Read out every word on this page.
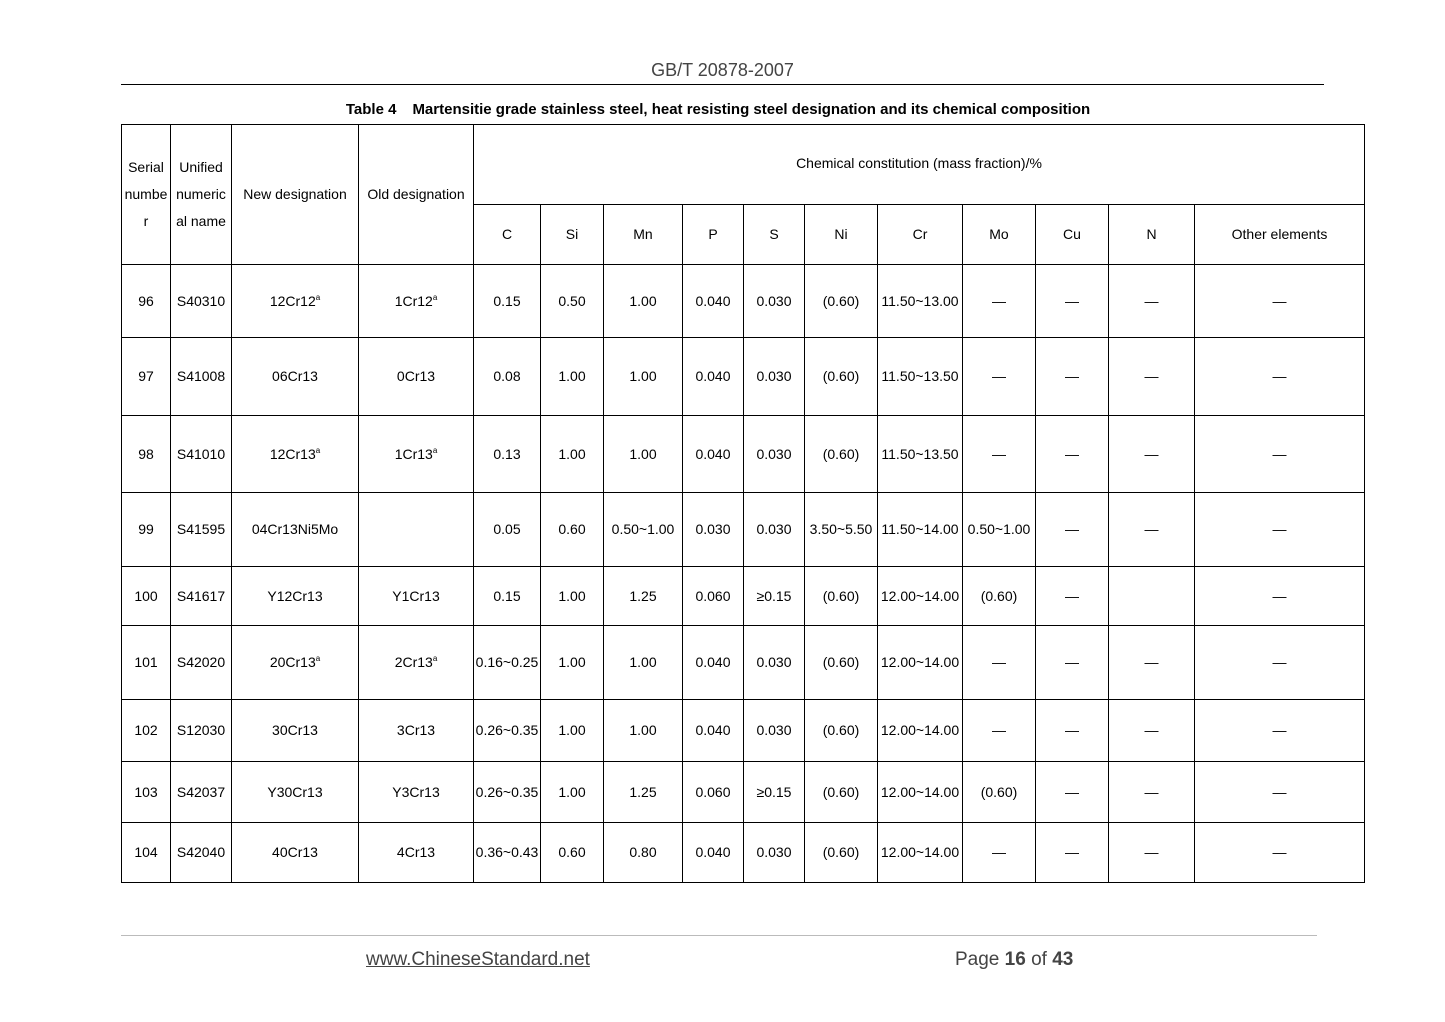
GB/T 20878-2007
Table 4 Martensitie grade stainless steel, heat resisting steel designation and its chemical composition
Serial numbe r	Unified numeric al name	New designation	Old designation	Chemical constitution (mass fraction)/%										
				C	Si	Mn	P	S	Ni	Cr	Mo	Cu	N	Other elements
96	S40310	12Cr12$^a$	1Cr12$^a$	0.15	0.50	1.00	0.040	0.030	(0.60)	11.50~13.00	—	—	—	—
97	S41008	06Cr13	0Cr13	0.08	1.00	1.00	0.040	0.030	(0.60)	11.50~13.50	—	—	—	—
98	S41010	12Cr13$^a$	1Cr13$^a$	0.13	1.00	1.00	0.040	0.030	(0.60)	11.50~13.50	—	—	—	—
99	S41595	04Cr13Ni5Mo		0.05	0.60	0.50~1.00	0.030	0.030	3.50~5.50	11.50~14.00	0.50~1.00	—	—	—
100	S41617	Y12Cr13	Y1Cr13	0.15	1.00	1.25	0.060	≥0.15	(0.60)	12.00~14.00	(0.60)	—		—
101	S42020	20Cr13$^a$	2Cr13$^a$	0.16~0.25	1.00	1.00	0.040	0.030	(0.60)	12.00~14.00	—	—	—	—
102	S12030	30Cr13	3Cr13	0.26~0.35	1.00	1.00	0.040	0.030	(0.60)	12.00~14.00	—	—	—	—
103	S42037	Y30Cr13	Y3Cr13	0.26~0.35	1.00	1.25	0.060	≥0.15	(0.60)	12.00~14.00	(0.60)	—	—	—
104	S42040	40Cr13	4Cr13	0.36~0.43	0.60	0.80	0.040	0.030	(0.60)	12.00~14.00	—	—	—	—
www.ChineseStandard.net	Page 16 of 43
